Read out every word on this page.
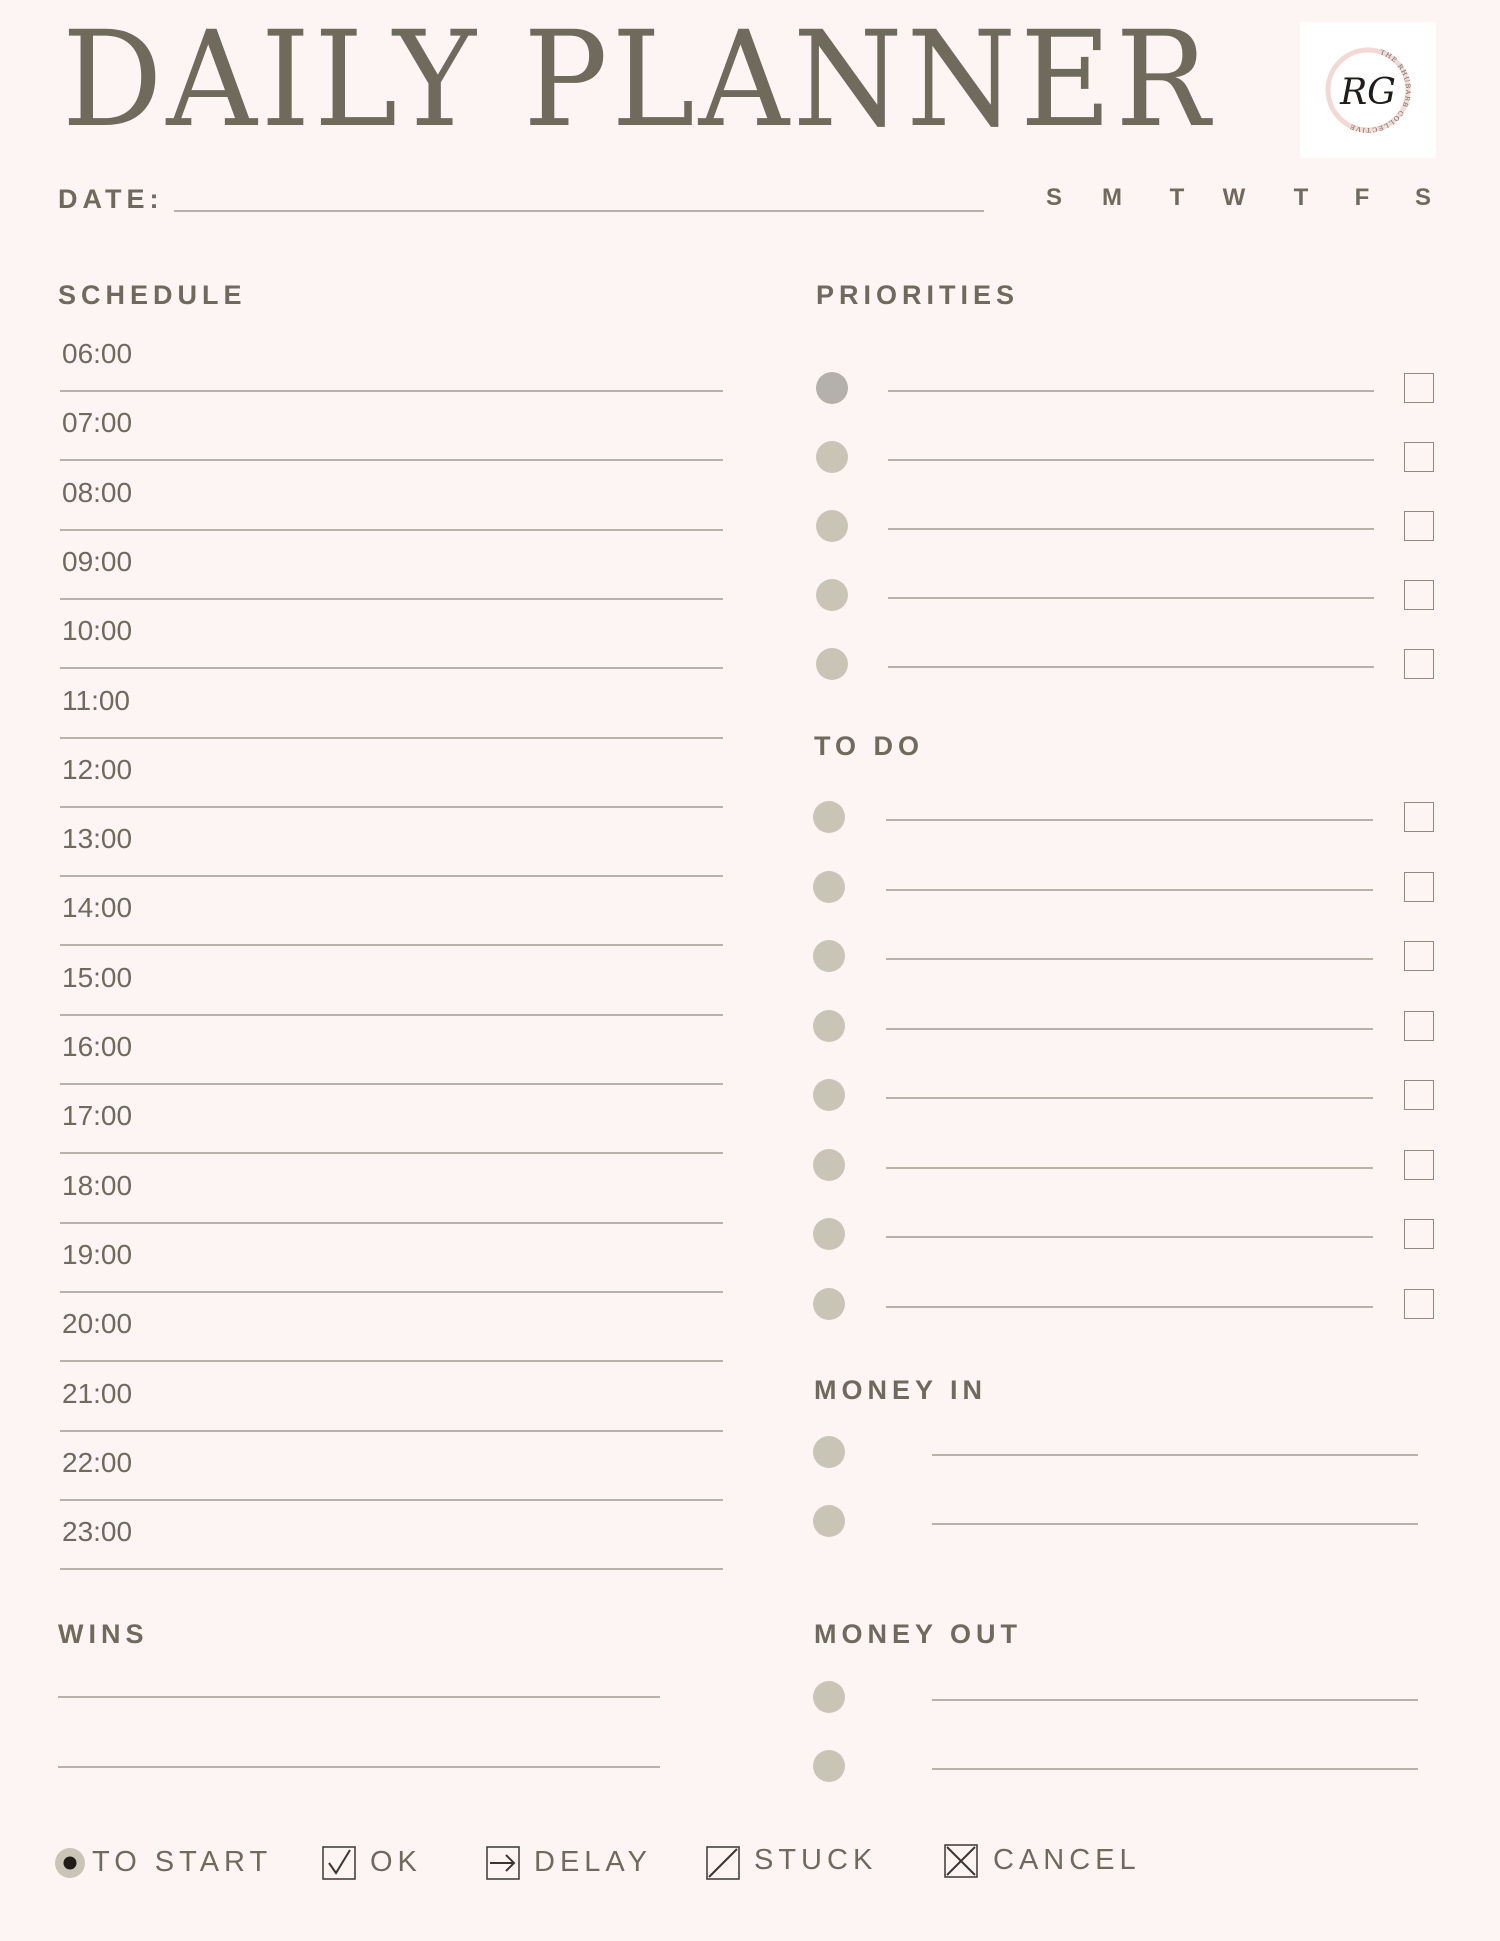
DAILY PLANNER	THE RHUBARB COLLECTIVE
RG
DATE:	S M	T	W	T	F	S
SCHEDULE
06:00
07:00
08:00
09:00
10:00
11:00
12:00
13:00
14:00
15:00
16:00
17:00
18:00
19:00
20:00
21:00
22:00
23:00
PRIORITIES
TO DO
MONEY IN
WINS	MONEY OUT
TO START	OK	DELAY	STUCK	CANCEL
